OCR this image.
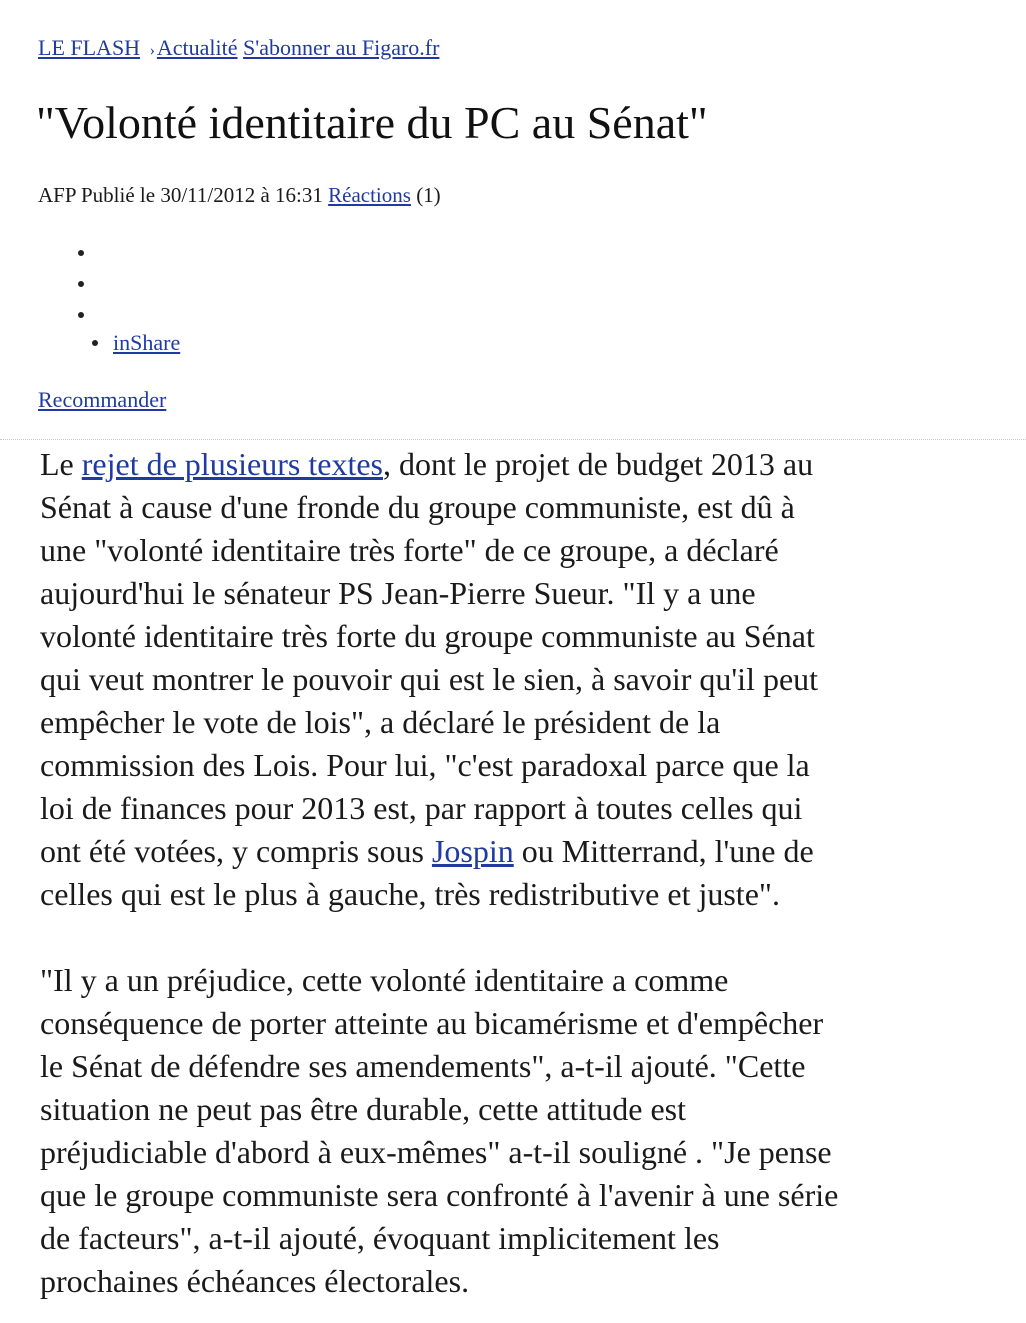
LE FLASH ›Actualité S'abonner au Figaro.fr
"Volonté identitaire du PC au Sénat"
AFP Publié le 30/11/2012 à 16:31 Réactions (1)
inShare
Recommander

Le rejet de plusieurs textes, dont le projet de budget 2013 au
Sénat à cause d'une fronde du groupe communiste, est dû à
une "volonté identitaire très forte" de ce groupe, a déclaré
aujourd'hui le sénateur PS Jean-Pierre Sueur. "Il y a une
volonté identitaire très forte du groupe communiste au Sénat
qui veut montrer le pouvoir qui est le sien, à savoir qu'il peut
empêcher le vote de lois", a déclaré le président de la
commission des Lois. Pour lui, "c'est paradoxal parce que la
loi de finances pour 2013 est, par rapport à toutes celles qui
ont été votées, y compris sous Jospin ou Mitterrand, l'une de
celles qui est le plus à gauche, très redistributive et juste".

"Il y a un préjudice, cette volonté identitaire a comme
conséquence de porter atteinte au bicamérisme et d'empêcher
le Sénat de défendre ses amendements", a-t-il ajouté. "Cette
situation ne peut pas être durable, cette attitude est
préjudiciable d'abord à eux-mêmes" a-t-il souligné . "Je pense
que le groupe communiste sera confronté à l'avenir à une série
de facteurs", a-t-il ajouté, évoquant implicitement les
prochaines échéances électorales.
